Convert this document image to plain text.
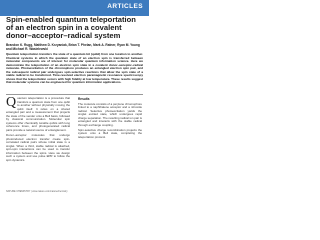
ARTICLES
Spin-enabled quantum teleportation of an electron spin in a covalent donor–acceptor–radical system
Brandon K. Rugg, Matthew D. Krzyaniak, Brian T. Phelan, Mark A. Ratner, Ryan M. Young and Michael R. Wasielewski
Quantum teleportation transfers the state of a quantum bit (qubit) from one location to another. Chemical systems in which the quantum state of an electron spin is transferred between molecular components are of interest for molecular quantum information science. Here we demonstrate the teleportation of an electron spin state in a covalent donor–acceptor–radical molecule. Photoexcitation of the chromophore produces an entangled electron spin pair, and the subsequent radical pair undergoes spin-selective reactions that allow the spin state of a stable radical to be transferred. Time-resolved electron paramagnetic resonance spectroscopy shows that the teleportation occurs with high fidelity at low temperature. These results suggest that molecular systems can be engineered for quantum information applications.
Q uantum teleportation is a procedure that transfers a quantum state from one qubit to another without physically moving the qubit itself. It relies on a shared entangled pair and a measurement that projects the state of the sender onto a Bell basis, followed by classical communication. Molecular spin systems offer chemically tunable qubits with long coherence times, and photogenerated radical pairs provide a natural source of entanglement.

Donor–acceptor molecules that undergo photoinduced electron transfer create spin-correlated radical pairs whose initial state is a singlet. When a third, stable radical is attached, spin-spin interactions can be used to transfer information between the spins. Here we design such a system and use pulse EPR to follow the spin dynamics.

Results

The molecule consists of a perylene chromophore linked to a naphthalene acceptor and a nitroxide radical. Selective photoexcitation yields the singlet excited state, which undergoes rapid charge separation. The resulting radical ion pair is entangled and interacts with the stable radical through exchange coupling.

Spin-selective charge recombination projects the system onto a Bell state, completing the teleportation protocol.

NATURE CHEMISTRY | www.nature.com/naturechemistry
